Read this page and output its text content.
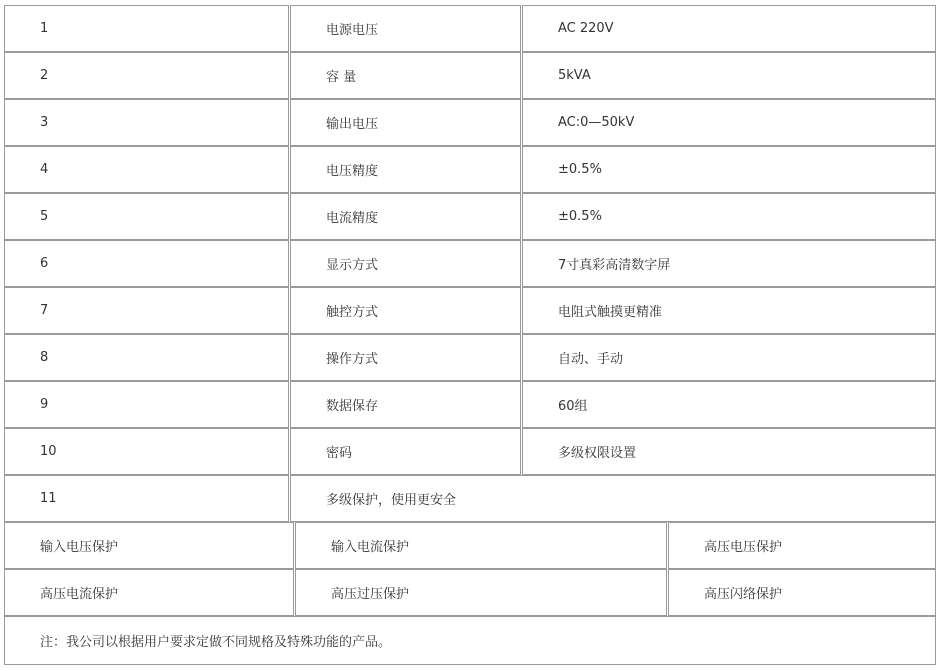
1	电源电压	AC 220V
2	容 量	5kVA
3	输出电压	AC:0—50kV
4	电压精度	±0.5%
5	电流精度	±0.5%
6	显示方式	7寸真彩高清数字屏
7	触控方式	电阻式触摸更精准
8	操作方式	自动、手动
9	数据保存	60组
10	密码	多级权限设置
11	多级保护，使用更安全
输入电压保护	输入电流保护	高压电压保护
高压电流保护	高压过压保护	高压闪络保护
注：我公司以根据用户要求定做不同规格及特殊功能的产品。
